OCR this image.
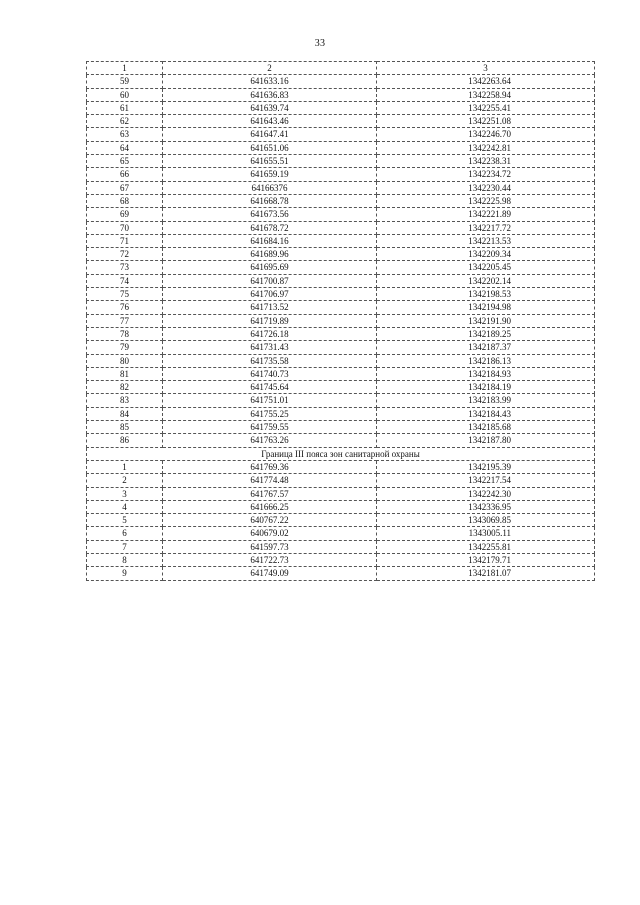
33
1	2	3
59	641633.16	1342263.64
60	641636.83	1342258.94
61	641639.74	1342255.41
62	641643.46	1342251.08
63	641647.41	1342246.70
64	641651.06	1342242.81
65	641655.51	1342238.31
66	641659.19	1342234.72
67	64166376	1342230.44
68	641668.78	1342225.98
69	641673.56	1342221.89
70	641678.72	1342217.72
71	641684.16	1342213.53
72	641689.96	1342209.34
73	641695.69	1342205.45
74	641700.87	1342202.14
75	641706.97	1342198.53
76	641713.52	1342194.98
77	641719.89	1342191.90
78	641726.18	1342189.25
79	641731.43	1342187.37
80	641735.58	1342186.13
81	641740.73	1342184.93
82	641745.64	1342184.19
83	641751.01	1342183.99
84	641755.25	1342184.43
85	641759.55	1342185.68
86	641763.26	1342187.80
Граница III пояса зон санитарной охраны		
1	641769.36	1342195.39
2	641774.48	1342217.54
3	641767.57	1342242.30
4	641666.25	1342336.95
5	640767.22	1343069.85
6	640679.02	1343005.11
7	641597.73	1342255.81
8	641722.73	1342179.71
9	641749.09	1342181.07
